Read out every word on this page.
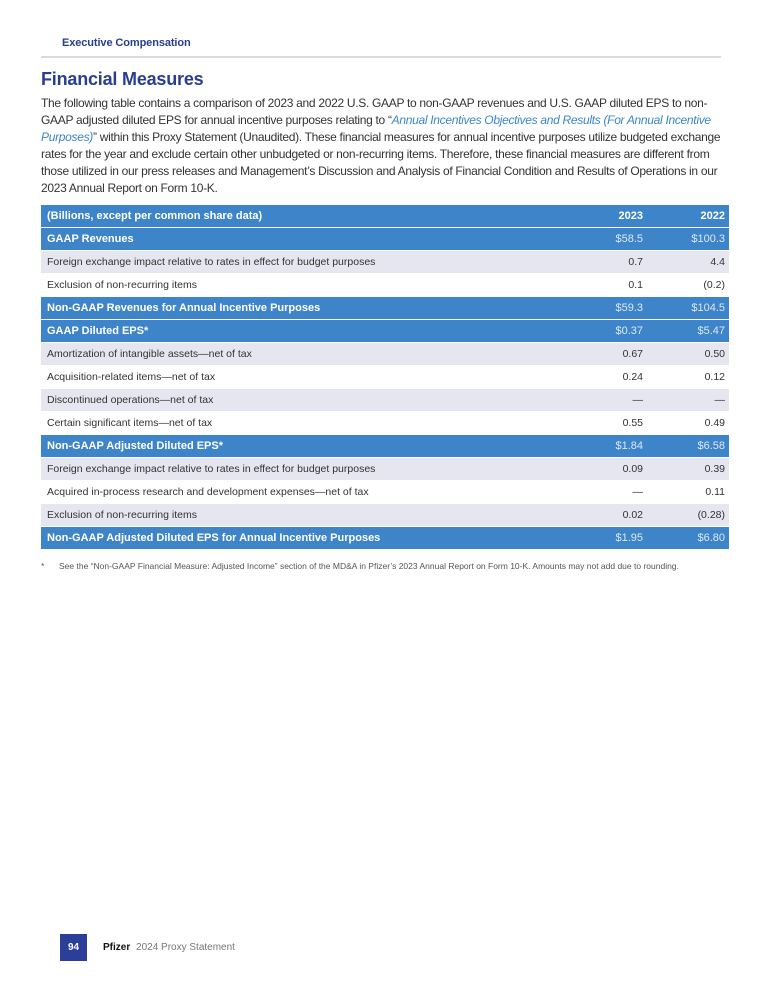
Executive Compensation
Financial Measures

The following table contains a comparison of 2023 and 2022 U.S. GAAP to non-GAAP revenues and U.S. GAAP diluted EPS to non-GAAP adjusted diluted EPS for annual incentive purposes relating to “Annual Incentives Objectives and Results (For Annual Incentive Purposes)” within this Proxy Statement (Unaudited). These financial measures for annual incentive purposes utilize budgeted exchange rates for the year and exclude certain other unbudgeted or non-recurring items. Therefore, these financial measures are different from those utilized in our press releases and Management’s Discussion and Analysis of Financial Condition and Results of Operations in our 2023 Annual Report on Form 10-K.

(Billions, except per common share data)	2023	2022
GAAP Revenues	$58.5	$100.3
Foreign exchange impact relative to rates in effect for budget purposes	0.7	4.4
Exclusion of non-recurring items	0.1	(0.2)
Non-GAAP Revenues for Annual Incentive Purposes	$59.3	$104.5
GAAP Diluted EPS*	$0.37	$5.47
Amortization of intangible assets—net of tax	0.67	0.50
Acquisition-related items—net of tax	0.24	0.12
Discontinued operations—net of tax	—	—
Certain significant items—net of tax	0.55	0.49
Non-GAAP Adjusted Diluted EPS*	$1.84	$6.58
Foreign exchange impact relative to rates in effect for budget purposes	0.09	0.39
Acquired in-process research and development expenses—net of tax	—	0.11
Exclusion of non-recurring items	0.02	(0.28)
Non-GAAP Adjusted Diluted EPS for Annual Incentive Purposes	$1.95	$6.80
*	See the “Non-GAAP Financial Measure: Adjusted Income” section of the MD&A in Pfizer’s 2023 Annual Report on Form 10-K. Amounts may not add due to rounding.
94	Pfizer 2024 Proxy Statement
